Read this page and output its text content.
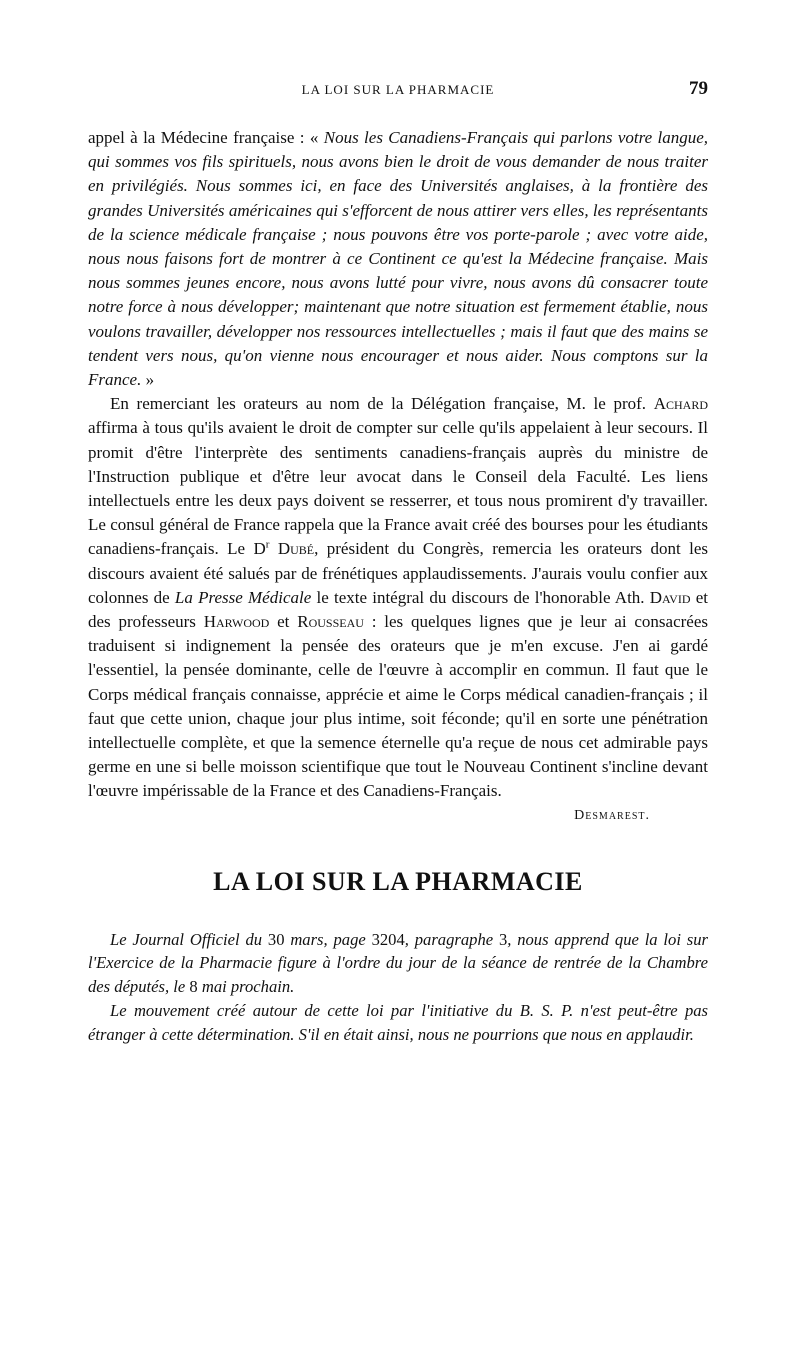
LA LOI SUR LA PHARMACIE	79

appel à la Médecine française : « Nous les Canadiens-Français qui parlons votre langue, qui sommes vos fils spirituels, nous avons bien le droit de vous demander de nous traiter en privilégiés. Nous sommes ici, en face des Universités anglaises, à la frontière des grandes Universités américaines qui s'efforcent de nous attirer vers elles, les représentants de la science médicale française ; nous pouvons être vos porte-parole ; avec votre aide, nous nous faisons fort de montrer à ce Continent ce qu'est la Médecine française. Mais nous sommes jeunes encore, nous avons lutté pour vivre, nous avons dû consacrer toute notre force à nous développer; maintenant que notre situation est fermement établie, nous voulons travailler, développer nos ressources intellectuelles ; mais il faut que des mains se tendent vers nous, qu'on vienne nous encourager et nous aider. Nous comptons sur la France. »

En remerciant les orateurs au nom de la Délégation française, M. le prof. Achard affirma à tous qu'ils avaient le droit de compter sur celle qu'ils appelaient à leur secours. Il promit d'être l'interprète des sentiments canadiens-français auprès du ministre de l'Instruction publique et d'être leur avocat dans le Conseil dela Faculté. Les liens intellectuels entre les deux pays doivent se resserrer, et tous nous promirent d'y travailler. Le consul général de France rappela que la France avait créé des bourses pour les étudiants canadiens-français. Le $D^r$ Dubé, président du Congrès, remercia les orateurs dont les discours avaient été salués par de frénétiques applaudissements. J'aurais voulu confier aux colonnes de La Presse Médicale le texte intégral du discours de l'honorable Ath. David et des professeurs Harwood et Rousseau : les quelques lignes que je leur ai consacrées traduisent si indignement la pensée des orateurs que je m'en excuse. J'en ai gardé l'essentiel, la pensée dominante, celle de l'œuvre à accomplir en commun. Il faut que le Corps médical français connaisse, apprécie et aime le Corps médical canadien-français ; il faut que cette union, chaque jour plus intime, soit féconde; qu'il en sorte une pénétration intellectuelle complète, et que la semence éternelle qu'a reçue de nous cet admirable pays germe en une si belle moisson scientifique que tout le Nouveau Continent s'incline devant l'œuvre impérissable de la France et des Canadiens-Français.

Desmarest.
LA LOI SUR LA PHARMACIE

Le Journal Officiel du 30 mars, page 3204, paragraphe 3, nous apprend que la loi sur l'Exercice de la Pharmacie figure à l'ordre du jour de la séance de rentrée de la Chambre des députés, le 8 mai prochain.

Le mouvement créé autour de cette loi par l'initiative du B. S. P. n'est peut-être pas étranger à cette détermination. S'il en était ainsi, nous ne pourrions que nous en applaudir.
